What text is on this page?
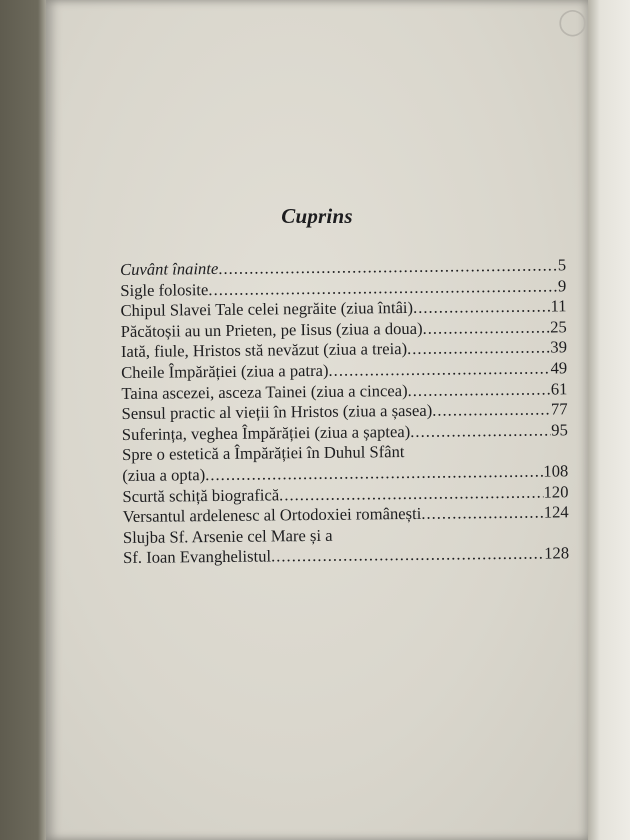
◯
Cuprins
Cuvânt înainte .....	5
Sigle folosite .....	9
Chipul Slavei Tale celei negrăite (ziua întâi) .....	11
Păcătoșii au un Prieten, pe Iisus (ziua a doua) .....	25
Iată, fiule, Hristos stă nevăzut (ziua a treia) .....	39
Cheile Împărăției (ziua a patra) .....	49
Taina ascezei, asceza Tainei (ziua a cincea) .....	61
Sensul practic al vieții în Hristos (ziua a șasea) .....	77
Suferința, veghea Împărăției (ziua a șaptea) .....	95
Spre o estetică a Împărăției în Duhul Sfânt
(ziua a opta) .....	108
Scurtă schiță biografică .....	120
Versantul ardelenesc al Ortodoxiei românești .....	124
Slujba Sf. Arsenie cel Mare și a
Sf. Ioan Evanghelistul .....	128
